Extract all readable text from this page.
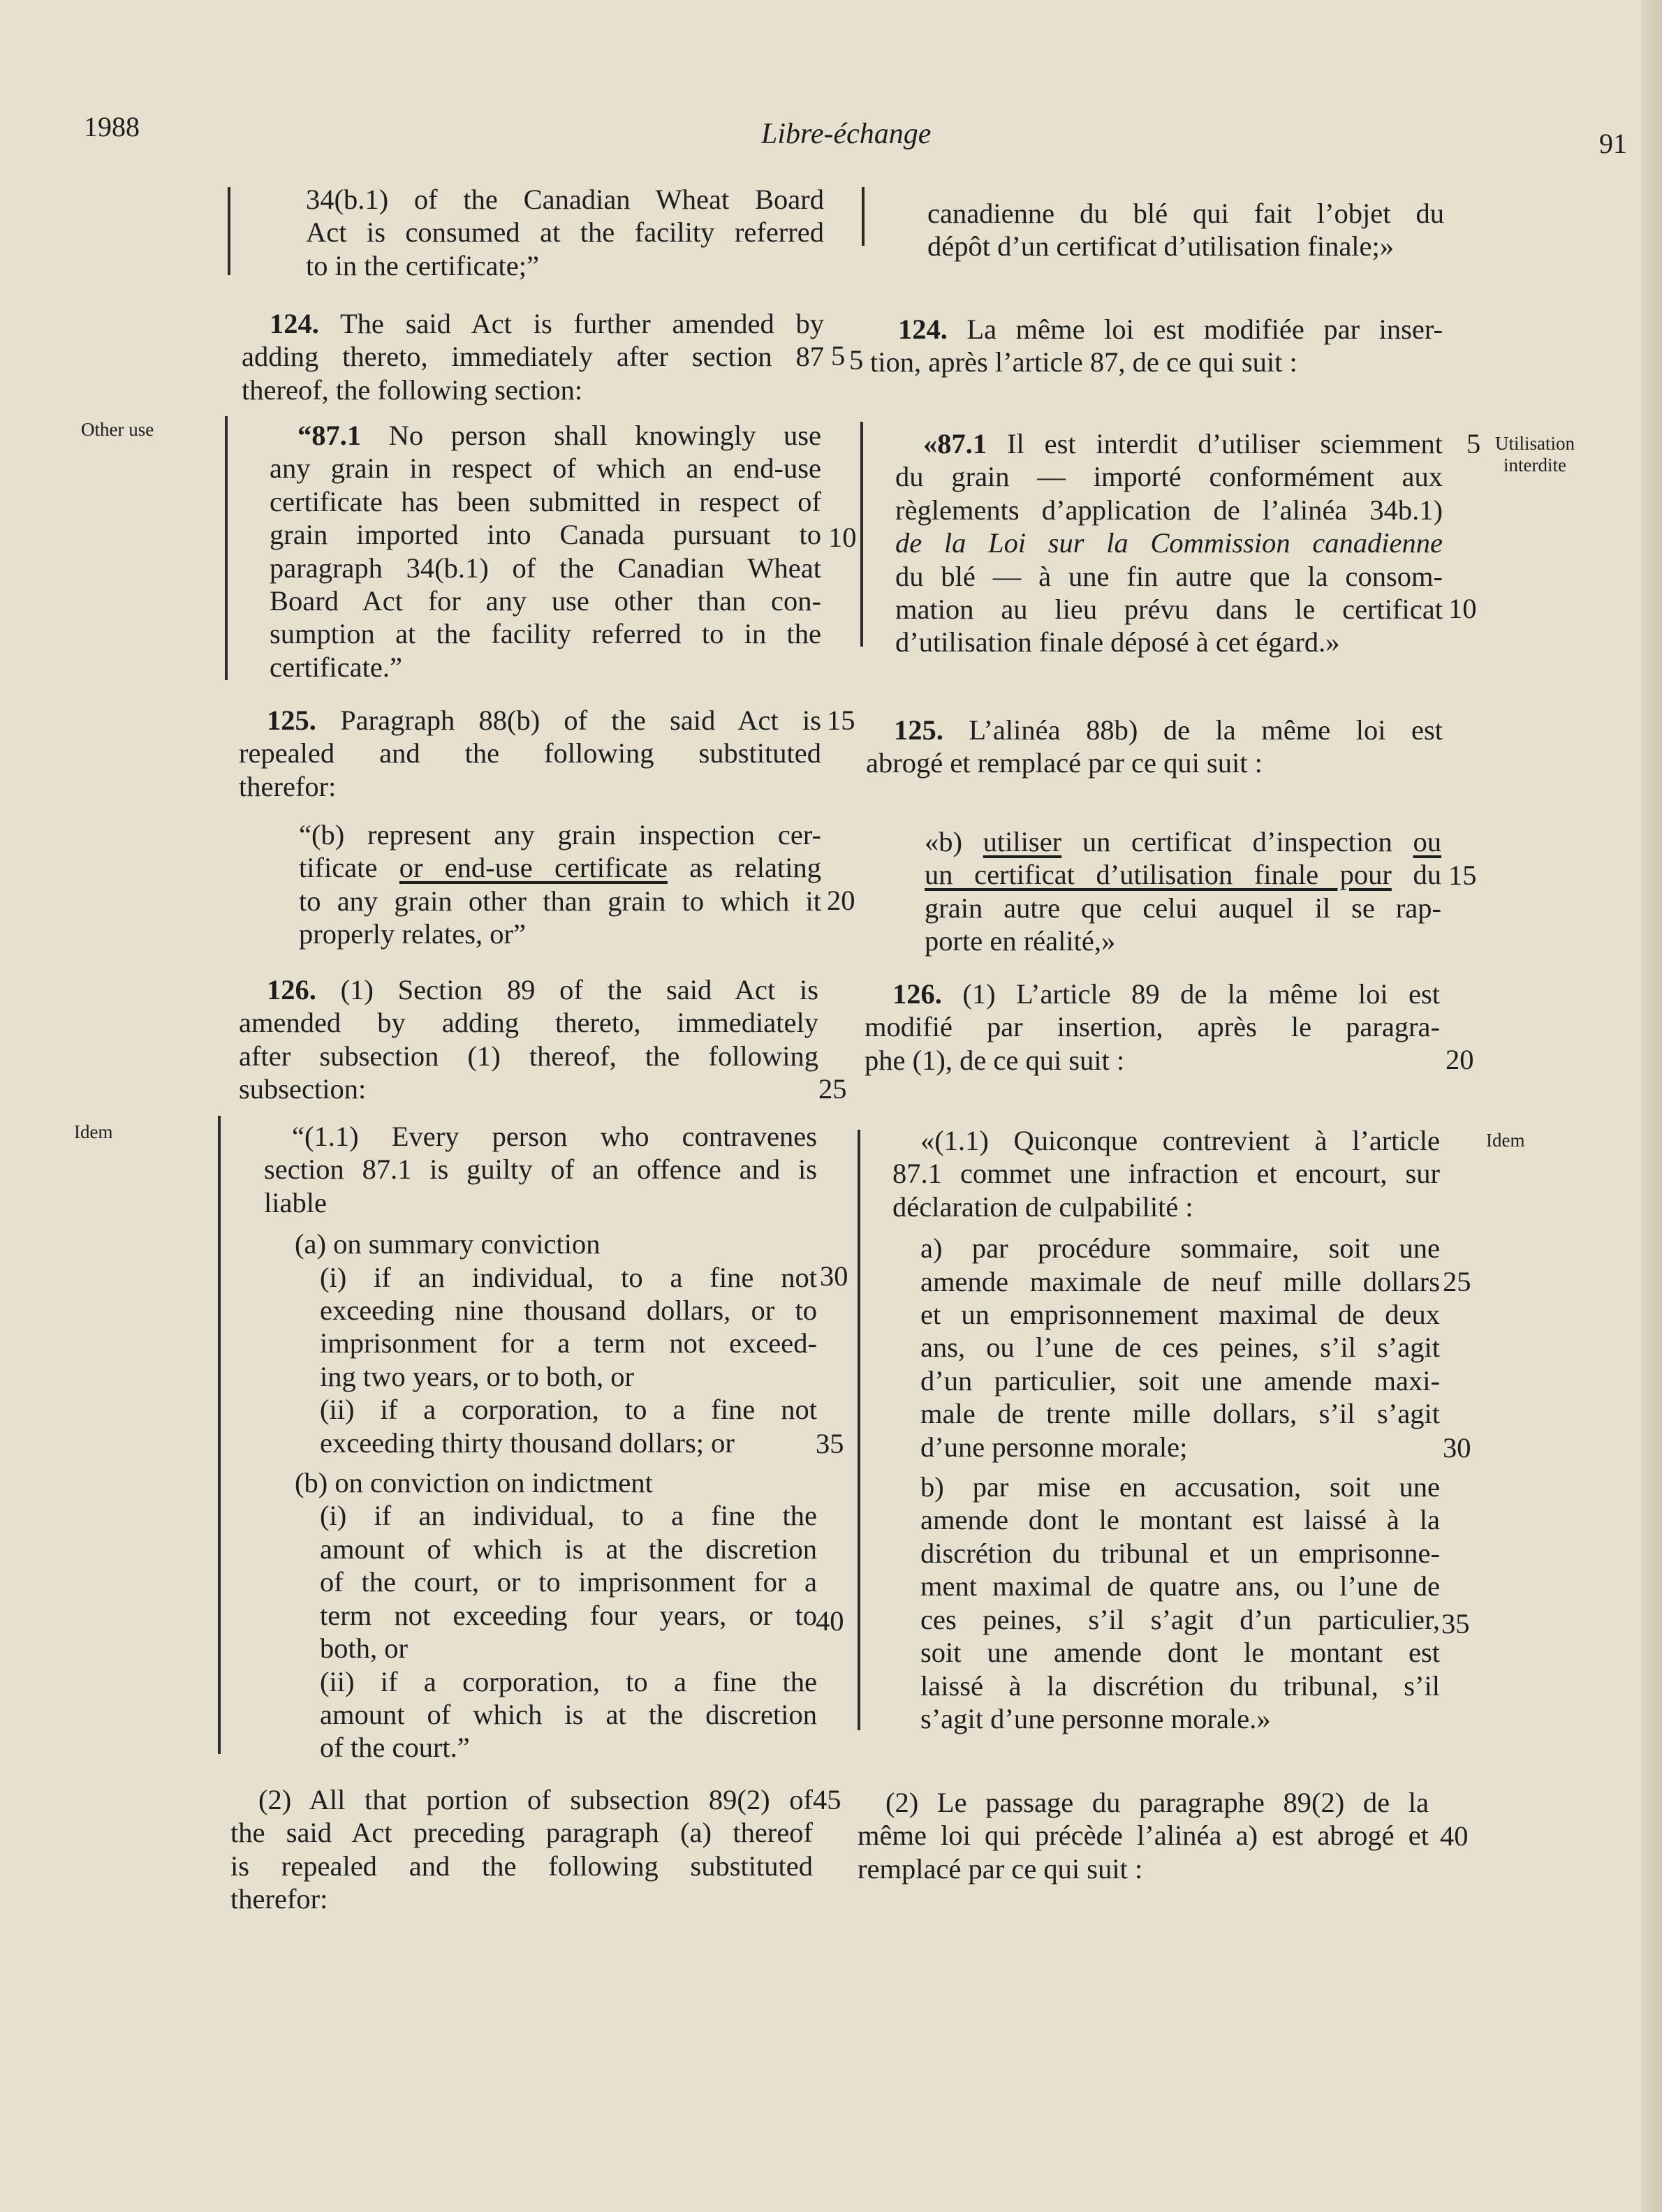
1988	Libre-échange	91
Other use
Idem
Utilisation
interdite
Idem
34(b.1) of the Canadian Wheat Board
Act is consumed at the facility referred
to in the certificate;”
124. The said Act is further amended by
adding thereto, immediately after section 87
thereof, the following section:
“87.1 No person shall knowingly use
any grain in respect of which an end-use
certificate has been submitted in respect of
grain imported into Canada pursuant to
paragraph 34(b.1) of the Canadian Wheat
Board Act for any use other than con-
sumption at the facility referred to in the
certificate.”
125. Paragraph 88(b) of the said Act is
repealed and the following substituted
therefor:
“(b) represent any grain inspection cer-
tificate or end-use certificate as relating
to any grain other than grain to which it
properly relates, or”
126. (1) Section 89 of the said Act is
amended by adding thereto, immediately
after subsection (1) thereof, the following
subsection:
“(1.1) Every person who contravenes
section 87.1 is guilty of an offence and is
liable
(a) on summary conviction
(i) if an individual, to a fine not
exceeding nine thousand dollars, or to
imprisonment for a term not exceed-
ing two years, or to both, or
(ii) if a corporation, to a fine not
exceeding thirty thousand dollars; or
(b) on conviction on indictment
(i) if an individual, to a fine the
amount of which is at the discretion
of the court, or to imprisonment for a
term not exceeding four years, or to
both, or
(ii) if a corporation, to a fine the
amount of which is at the discretion
of the court.”
(2) All that portion of subsection 89(2) of
the said Act preceding paragraph (a) thereof
is repealed and the following substituted
therefor:
5
10
15
20
25
30
35
40
45
canadienne du blé qui fait l’objet du
dépôt d’un certificat d’utilisation finale;»
124. La même loi est modifiée par inser-
tion, après l’article 87, de ce qui suit :
«87.1 Il est interdit d’utiliser sciemment
du grain — importé conformément aux
règlements d’application de l’alinéa 34b.1)
de la Loi sur la Commission canadienne
du blé — à une fin autre que la consom-
mation au lieu prévu dans le certificat
d’utilisation finale déposé à cet égard.»
125. L’alinéa 88b) de la même loi est
abrogé et remplacé par ce qui suit :
«b) utiliser un certificat d’inspection ou
un certificat d’utilisation finale pour du
grain autre que celui auquel il se rap-
porte en réalité,»
126. (1) L’article 89 de la même loi est
modifié par insertion, après le paragra-
phe (1), de ce qui suit :
«(1.1) Quiconque contrevient à l’article
87.1 commet une infraction et encourt, sur
déclaration de culpabilité :
a) par procédure sommaire, soit une
amende maximale de neuf mille dollars
et un emprisonnement maximal de deux
ans, ou l’une de ces peines, s’il s’agit
d’un particulier, soit une amende maxi-
male de trente mille dollars, s’il s’agit
d’une personne morale;
b) par mise en accusation, soit une
amende dont le montant est laissé à la
discrétion du tribunal et un emprisonne-
ment maximal de quatre ans, ou l’une de
ces peines, s’il s’agit d’un particulier,
soit une amende dont le montant est
laissé à la discrétion du tribunal, s’il
s’agit d’une personne morale.»
(2) Le passage du paragraphe 89(2) de la
même loi qui précède l’alinéa a) est abrogé et
remplacé par ce qui suit :
5
5
10
15
20
25
30
35
40
